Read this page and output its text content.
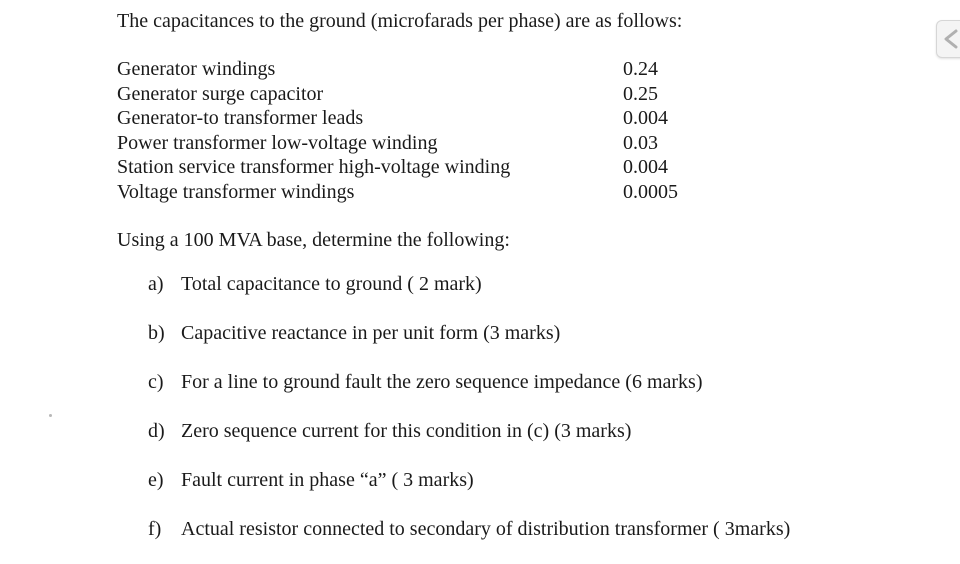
The capacitances to the ground (microfarads per phase) are as follows:
Generator windings	0.24
Generator surge capacitor	0.25
Generator-to transformer leads	0.004
Power transformer low-voltage winding	0.03
Station service transformer high-voltage winding	0.004
Voltage transformer windings	0.0005
Using a 100 MVA base, determine the following:
a) Total capacitance to ground ( 2 mark)
b) Capacitive reactance in per unit form (3 marks)
c) For a line to ground fault the zero sequence impedance (6 marks)
d) Zero sequence current for this condition in (c) (3 marks)
e) Fault current in phase “a” ( 3 marks)
f) Actual resistor connected to secondary of distribution transformer ( 3marks)
